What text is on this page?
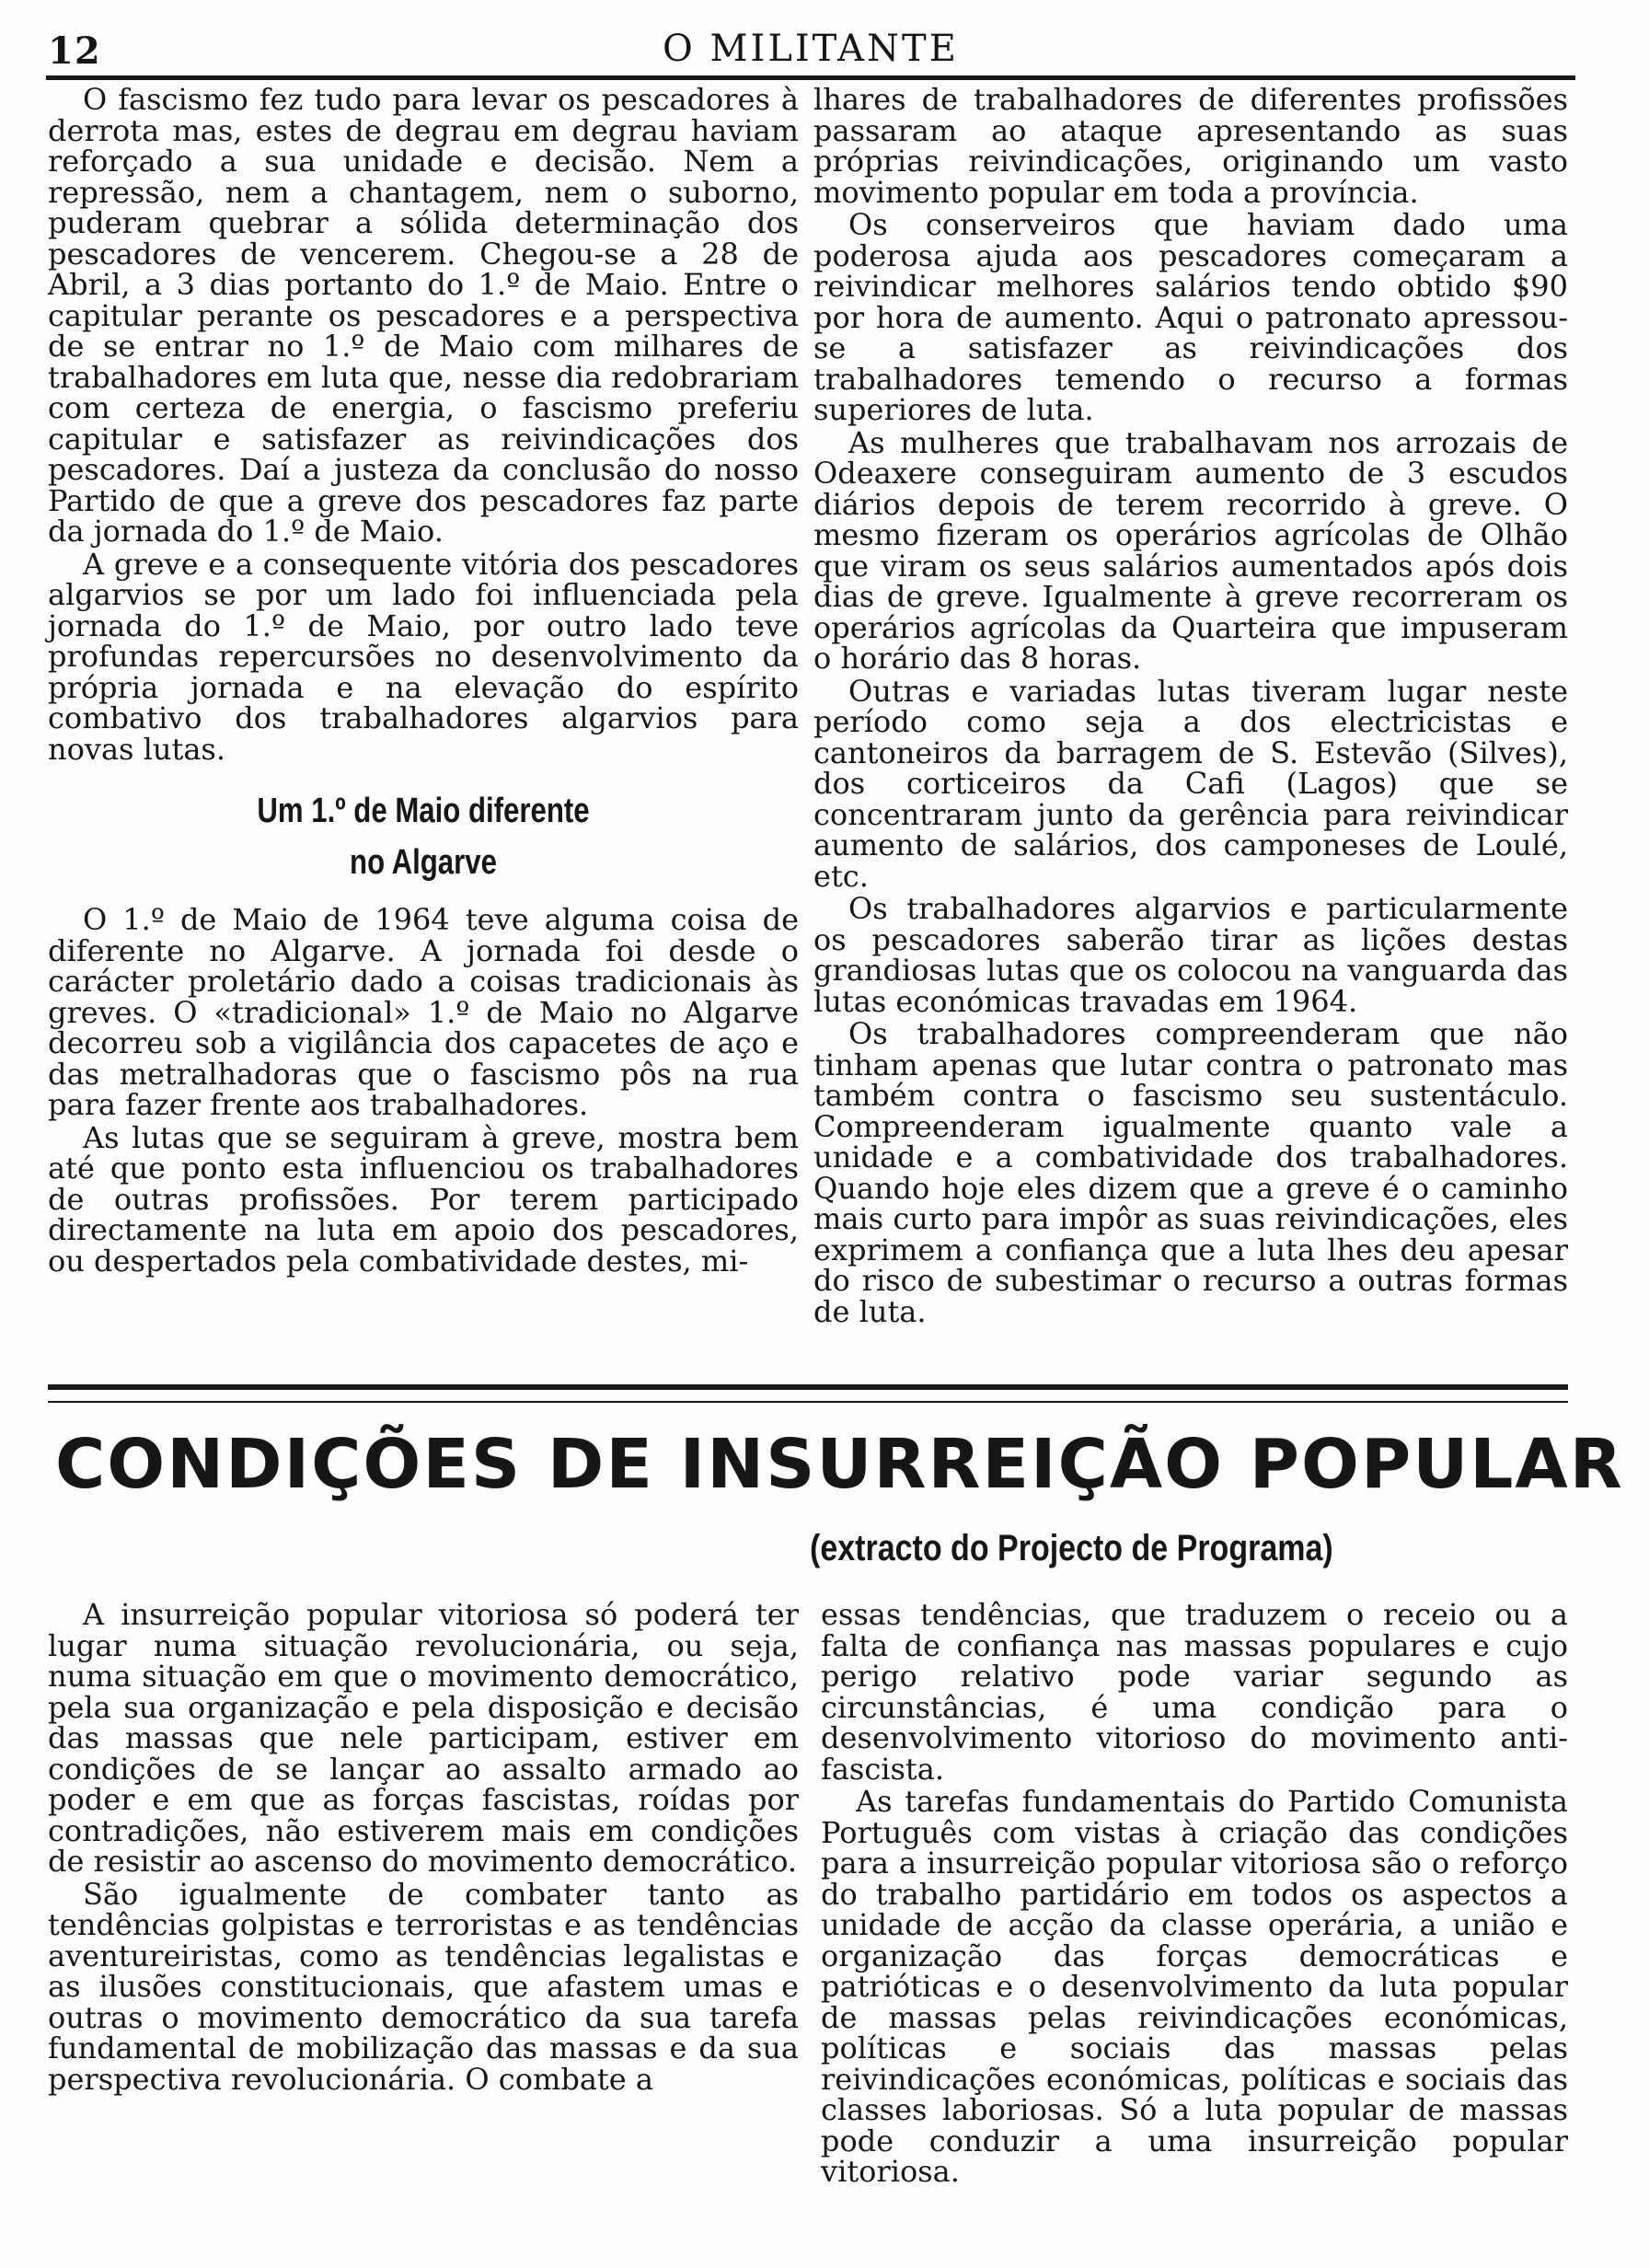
12	O MILITANTE

O fascismo fez tudo para levar os pescadores à derrota mas, estes de degrau em degrau haviam reforçado a sua unidade e decisão. Nem a repressão, nem a chantagem, nem o suborno, puderam quebrar a sólida determinação dos pescadores de vencerem. Chegou-se a 28 de Abril, a 3 dias portanto do 1.º de Maio. Entre o capitular perante os pescadores e a perspectiva de se entrar no 1.º de Maio com milhares de trabalhadores em luta que, nesse dia redobrariam com certeza de energia, o fascismo preferiu capitular e satisfazer as reivindicações dos pescadores. Daí a justeza da conclusão do nosso Partido de que a greve dos pescadores faz parte da jornada do 1.º de Maio.

A greve e a consequente vitória dos pescadores algarvios se por um lado foi influenciada pela jornada do 1.º de Maio, por outro lado teve profundas repercursões no desenvolvimento da própria jornada e na elevação do espírito combativo dos trabalhadores algarvios para novas lutas.

Um 1.º de Maio diferente
no Algarve

O 1.º de Maio de 1964 teve alguma coisa de diferente no Algarve. A jornada foi desde o carácter proletário dado a coisas tradicionais às greves. O «tradicional» 1.º de Maio no Algarve decorreu sob a vigilância dos capacetes de aço e das metralhadoras que o fascismo pôs na rua para fazer frente aos trabalhadores.

As lutas que se seguiram à greve, mostra bem até que ponto esta influenciou os trabalhadores de outras profissões. Por terem participado directamente na luta em apoio dos pescadores, ou despertados pela combatividade destes, mi-

lhares de trabalhadores de diferentes profissões passaram ao ataque apresentando as suas próprias reivindicações, originando um vasto movimento popular em toda a província.

Os conserveiros que haviam dado uma poderosa ajuda aos pescadores começaram a reivindicar melhores salários tendo obtido $90 por hora de aumento. Aqui o patronato apressou-se a satisfazer as reivindicações dos trabalhadores temendo o recurso a formas superiores de luta.

As mulheres que trabalhavam nos arrozais de Odeaxere conseguiram aumento de 3 escudos diários depois de terem recorrido à greve. O mesmo fizeram os operários agrícolas de Olhão que viram os seus salários aumentados após dois dias de greve. Igualmente à greve recorreram os operários agrícolas da Quarteira que impuseram o horário das 8 horas.

Outras e variadas lutas tiveram lugar neste período como seja a dos electricistas e cantoneiros da barragem de S. Estevão (Silves), dos corticeiros da Cafi (Lagos) que se concentraram junto da gerência para reivindicar aumento de salários, dos camponeses de Loulé, etc.

Os trabalhadores algarvios e particularmente os pescadores saberão tirar as lições destas grandiosas lutas que os colocou na vanguarda das lutas económicas travadas em 1964.

Os trabalhadores compreenderam que não tinham apenas que lutar contra o patronato mas também contra o fascismo seu sustentáculo. Compreenderam igualmente quanto vale a unidade e a combatividade dos trabalhadores. Quando hoje eles dizem que a greve é o caminho mais curto para impôr as suas reivindicações, eles exprimem a confiança que a luta lhes deu apesar do risco de subestimar o recurso a outras formas de luta.

CONDIÇÕES DE INSURREIÇÃO POPULAR
(extracto do Projecto de Programa)

A insurreição popular vitoriosa só poderá ter lugar numa situação revolucionária, ou seja, numa situação em que o movimento democrático, pela sua organização e pela disposição e decisão das massas que nele participam, estiver em condições de se lançar ao assalto armado ao poder e em que as forças fascistas, roídas por contradições, não estiverem mais em condições de resistir ao ascenso do movimento democrático.

São igualmente de combater tanto as tendências golpistas e terroristas e as tendências aventureiristas, como as tendências legalistas e as ilusões constitucionais, que afastem umas e outras o movimento democrático da sua tarefa fundamental de mobilização das massas e da sua perspectiva revolucionária. O combate a

essas tendências, que traduzem o receio ou a falta de confiança nas massas populares e cujo perigo relativo pode variar segundo as circunstâncias, é uma condição para o desenvolvimento vitorioso do movimento anti-fascista.

As tarefas fundamentais do Partido Comunista Português com vistas à criação das condições para a insurreição popular vitoriosa são o reforço do trabalho partidário em todos os aspectos a unidade de acção da classe operária, a união e organização das forças democráticas e patrióticas e o desenvolvimento da luta popular de massas pelas reivindicações económicas, políticas e sociais das massas pelas reivindicações económicas, políticas e sociais das classes laboriosas. Só a luta popular de massas pode conduzir a uma insurreição popular vitoriosa.
